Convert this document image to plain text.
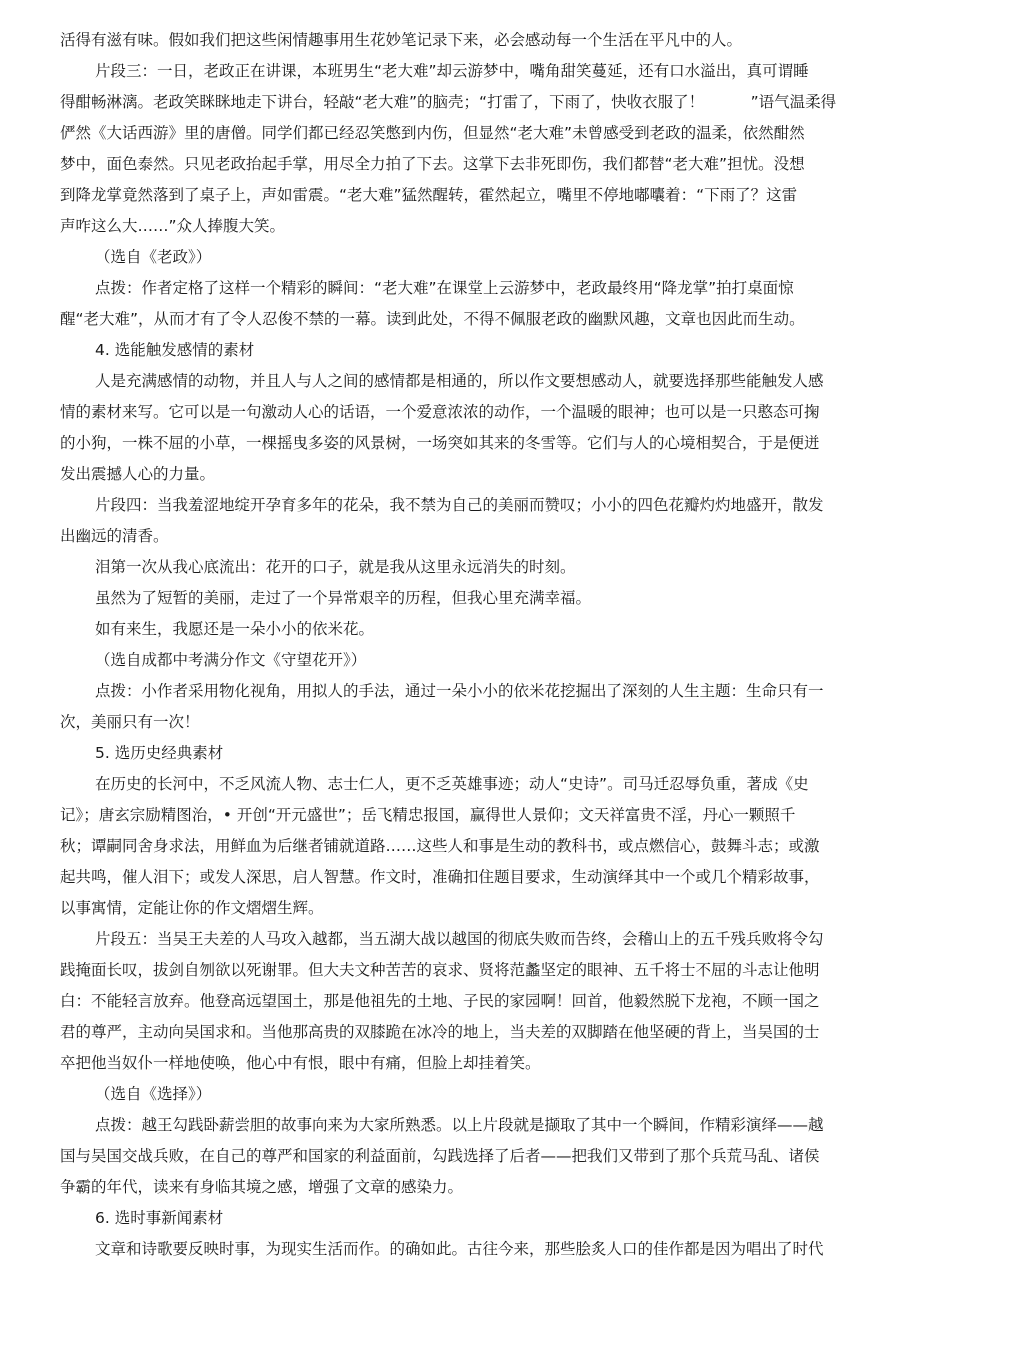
活得有滋有味。假如我们把这些闲情趣事用生花妙笔记录下来，必会感动每一个生活在平凡中的人。
片段三：一日，老政正在讲课，本班男生“老大难”却云游梦中，嘴角甜笑蔓延，还有口水溢出，真可谓睡
得酣畅淋漓。老政笑眯眯地走下讲台，轻敲“老大难”的脑壳；“打雷了，下雨了，快收衣服了！　　　”语气温柔得
俨然《大话西游》里的唐僧。同学们都已经忍笑憋到内伤，但显然“老大难”未曾感受到老政的温柔，依然酣然
梦中，面色泰然。只见老政抬起手掌，用尽全力拍了下去。这掌下去非死即伤，我们都替“老大难”担忧。没想
到降龙掌竟然落到了桌子上，声如雷震。“老大难”猛然醒转，霍然起立，嘴里不停地嘟囔着：“下雨了？这雷
声咋这么大……”众人捧腹大笑。
（选自《老政》）
点拨：作者定格了这样一个精彩的瞬间：“老大难”在课堂上云游梦中，老政最终用“降龙掌”拍打桌面惊
醒“老大难”，从而才有了令人忍俊不禁的一幕。读到此处，不得不佩服老政的幽默风趣，文章也因此而生动。
4. 选能触发感情的素材
人是充满感情的动物，并且人与人之间的感情都是相通的，所以作文要想感动人，就要选择那些能触发人感
情的素材来写。它可以是一句激动人心的话语，一个爱意浓浓的动作，一个温暖的眼神；也可以是一只憨态可掬
的小狗，一株不屈的小草，一棵摇曳多姿的风景树，一场突如其来的冬雪等。它们与人的心境相契合，于是便迸
发出震撼人心的力量。
片段四：当我羞涩地绽开孕育多年的花朵，我不禁为自己的美丽而赞叹；小小的四色花瓣灼灼地盛开，散发
出幽远的清香。
泪第一次从我心底流出：花开的口子，就是我从这里永远消失的时刻。
虽然为了短暂的美丽，走过了一个异常艰辛的历程，但我心里充满幸福。
如有来生，我愿还是一朵小小的依米花。
（选自成都中考满分作文《守望花开》）
点拨：小作者采用物化视角，用拟人的手法，通过一朵小小的依米花挖掘出了深刻的人生主题：生命只有一
次，美丽只有一次！
5. 选历史经典素材
在历史的长河中，不乏风流人物、志士仁人，更不乏英雄事迹；动人“史诗”。司马迁忍辱负重，著成《史
记》；唐玄宗励精图治，• 开创“开元盛世”；岳飞精忠报国，赢得世人景仰；文天祥富贵不淫，丹心一颗照千
秋；谭嗣同舍身求法，用鲜血为后继者铺就道路……这些人和事是生动的教科书，或点燃信心，鼓舞斗志；或激
起共鸣，催人泪下；或发人深思，启人智慧。作文时，准确扣住题目要求，生动演绎其中一个或几个精彩故事，
以事寓情，定能让你的作文熠熠生辉。
片段五：当吴王夫差的人马攻入越都，当五湖大战以越国的彻底失败而告终，会稽山上的五千残兵败将令勾
践掩面长叹，拔剑自刎欲以死谢罪。但大夫文种苦苦的哀求、贤将范蠡坚定的眼神、五千将士不屈的斗志让他明
白：不能轻言放弃。他登高远望国土，那是他祖先的土地、子民的家园啊！回首，他毅然脱下龙袍，不顾一国之
君的尊严，主动向吴国求和。当他那高贵的双膝跪在冰冷的地上，当夫差的双脚踏在他坚硬的背上，当吴国的士
卒把他当奴仆一样地使唤，他心中有恨，眼中有痛，但脸上却挂着笑。
（选自《选择》）
点拨：越王勾践卧薪尝胆的故事向来为大家所熟悉。以上片段就是撷取了其中一个瞬间，作精彩演绎——越
国与吴国交战兵败，在自己的尊严和国家的利益面前，勾践选择了后者——把我们又带到了那个兵荒马乱、诸侯
争霸的年代，读来有身临其境之感，增强了文章的感染力。
6. 选时事新闻素材
文章和诗歌要反映时事，为现实生活而作。的确如此。古往今来，那些脍炙人口的佳作都是因为唱出了时代
